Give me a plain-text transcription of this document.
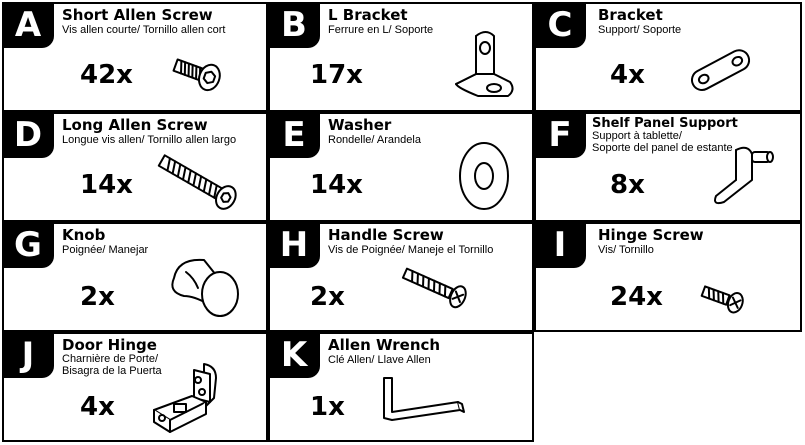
A	Short Allen Screw
Vis allen courte/ Tornillo allen cort
42x
B	L Bracket
Ferrure en L/ Soporte
17x
C	Bracket
Support/ Soporte
4x
D	Long Allen Screw
Longue vis allen/ Tornillo allen largo
14x
E	Washer
Rondelle/ Arandela
14x
F	Shelf Panel Support
Support à tablette/
Soporte del panel de estante
8x
G	Knob
Poignée/ Manejar
2x
H	Handle Screw
Vis de Poignée/ Maneje el Tornillo
2x
I	Hinge Screw
Vis/ Tornillo
24x
J	Door Hinge
Charnière de Porte/
Bisagra de la Puerta
4x
K	Allen Wrench
Clé Allen/ Llave Allen
1x
